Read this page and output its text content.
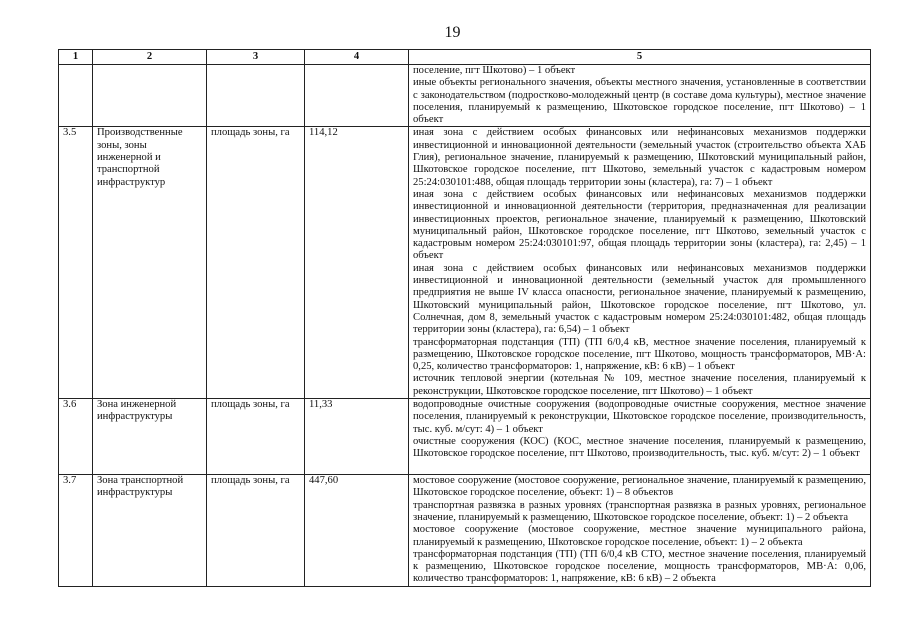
19
1	2	3	4	5

				поселение, пгт Шкотово) – 1 объект

иные объекты регионального значения, объекты местного значения, установленные в соответствии с законодательством (подростково-молодежный центр (в составе дома культуры), местное значение поселения, планируемый к размещению, Шкотовское городское поселение, пгт Шкотово) – 1 объект

3.5	Производственные зоны, зоны инженерной и транспортной инфраструктур	площадь зоны, га	114,12	иная зона с действием особых финансовых или нефинансовых механизмов поддержки инвестиционной и инновационной деятельности (земельный участок (строительство объекта ХАБ Глия), региональное значение, планируемый к размещению, Шкотовский муниципальный район, Шкотовское городское поселение, пгт Шкотово, земельный участок с кадастровым номером 25:24:030101:488, общая площадь территории зоны (кластера), га: 7) – 1 объект

иная зона с действием особых финансовых или нефинансовых механизмов поддержки инвестиционной и инновационной деятельности (территория, предназначенная для реализации инвестиционных проектов, региональное значение, планируемый к размещению, Шкотовский муниципальный район, Шкотовское городское поселение, пгт Шкотово, земельный участок с кадастровым номером 25:24:030101:97, общая площадь территории зоны (кластера), га: 2,45) – 1 объект

иная зона с действием особых финансовых или нефинансовых механизмов поддержки инвестиционной и инновационной деятельности (земельный участок для промышленного предприятия не выше IV класса опасности, региональное значение, планируемый к размещению, Шкотовский муниципальный район, Шкотовское городское поселение, пгт Шкотово, ул. Солнечная, дом 8, земельный участок с кадастровым номером 25:24:030101:482, общая площадь территории зоны (кластера), га: 6,54) – 1 объект

трансформаторная подстанция (ТП) (ТП 6/0,4 кВ, местное значение поселения, планируемый к размещению, Шкотовское городское поселение, пгт Шкотово, мощность трансформаторов, МВ·А: 0,25, количество трансформаторов: 1, напряжение, кВ: 6 кВ) – 1 объект

источник тепловой энергии (котельная № 109, местное значение поселения, планируемый к реконструкции, Шкотовское городское поселение, пгт Шкотово) – 1 объект

3.6	Зона инженерной инфраструктуры	площадь зоны, га	11,33	водопроводные очистные сооружения (водопроводные очистные сооружения, местное значение поселения, планируемый к реконструкции, Шкотовское городское поселение, производительность, тыс. куб. м/сут: 4) – 1 объект

очистные сооружения (КОС) (КОС, местное значение поселения, планируемый к размещению, Шкотовское городское поселение, пгт Шкотово, производительность, тыс. куб. м/сут: 2) – 1 объект

3.7	Зона транспортной инфраструктуры	площадь зоны, га	447,60	мостовое сооружение (мостовое сооружение, региональное значение, планируемый к размещению, Шкотовское городское поселение, объект: 1) – 8 объектов

транспортная развязка в разных уровнях (транспортная развязка в разных уровнях, региональное значение, планируемый к размещению, Шкотовское городское поселение, объект: 1) – 2 объекта

мостовое сооружение (мостовое сооружение, местное значение муниципального района, планируемый к размещению, Шкотовское городское поселение, объект: 1) – 2 объекта

трансформаторная подстанция (ТП) (ТП 6/0,4 кВ СТО, местное значение поселения, планируемый к размещению, Шкотовское городское поселение, мощность трансформаторов, МВ·А: 0,06, количество трансформаторов: 1, напряжение, кВ: 6 кВ) – 2 объекта
